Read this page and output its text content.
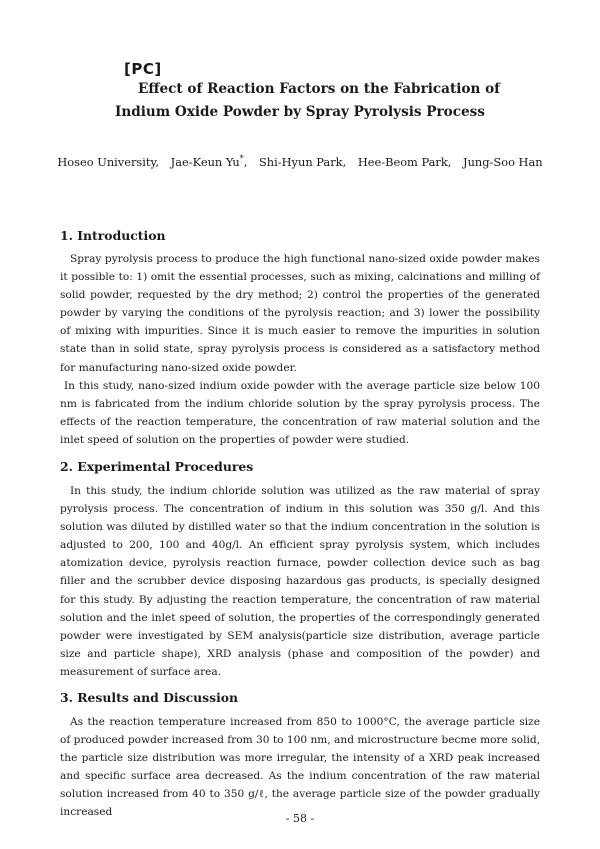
[PC]
Effect of Reaction Factors on the Fabrication of
Indium Oxide Powder by Spray Pyrolysis Process
Hoseo University, Jae-Keun Yu*, Shi-Hyun Park, Hee-Beom Park, Jung-Soo Han
1. Introduction

Spray pyrolysis process to produce the high functional nano-sized oxide powder makes it possible to: 1) omit the essential processes, such as mixing, calcinations and milling of solid powder, requested by the dry method; 2) control the properties of the generated powder by varying the conditions of the pyrolysis reaction; and 3) lower the possibility of mixing with impurities. Since it is much easier to remove the impurities in solution state than in solid state, spray pyrolysis process is considered as a satisfactory method for manufacturing nano-sized oxide powder.

In this study, nano-sized indium oxide powder with the average particle size below 100 nm is fabricated from the indium chloride solution by the spray pyrolysis process. The effects of the reaction temperature, the concentration of raw material solution and the inlet speed of solution on the properties of powder were studied.

2. Experimental Procedures

In this study, the indium chloride solution was utilized as the raw material of spray pyrolysis process. The concentration of indium in this solution was 350 g/l. And this solution was diluted by distilled water so that the indium concentration in the solution is adjusted to 200, 100 and 40g/l. An efficient spray pyrolysis system, which includes atomization device, pyrolysis reaction furnace, powder collection device such as bag filler and the scrubber device disposing hazardous gas products, is specially designed for this study. By adjusting the reaction temperature, the concentration of raw material solution and the inlet speed of solution, the properties of the correspondingly generated powder were investigated by SEM analysis(particle size distribution, average particle size and particle shape), XRD analysis (phase and composition of the powder) and measurement of surface area.

3. Results and Discussion

As the reaction temperature increased from 850 to 1000°C, the average particle size of produced powder increased from 30 to 100 nm, and microstructure becme more solid, the particle size distribution was more irregular, the intensity of a XRD peak increased and specific surface area decreased. As the indium concentration of the raw material solution increased from 40 to 350 g/ℓ, the average particle size of the powder gradually increased	- 58 -
